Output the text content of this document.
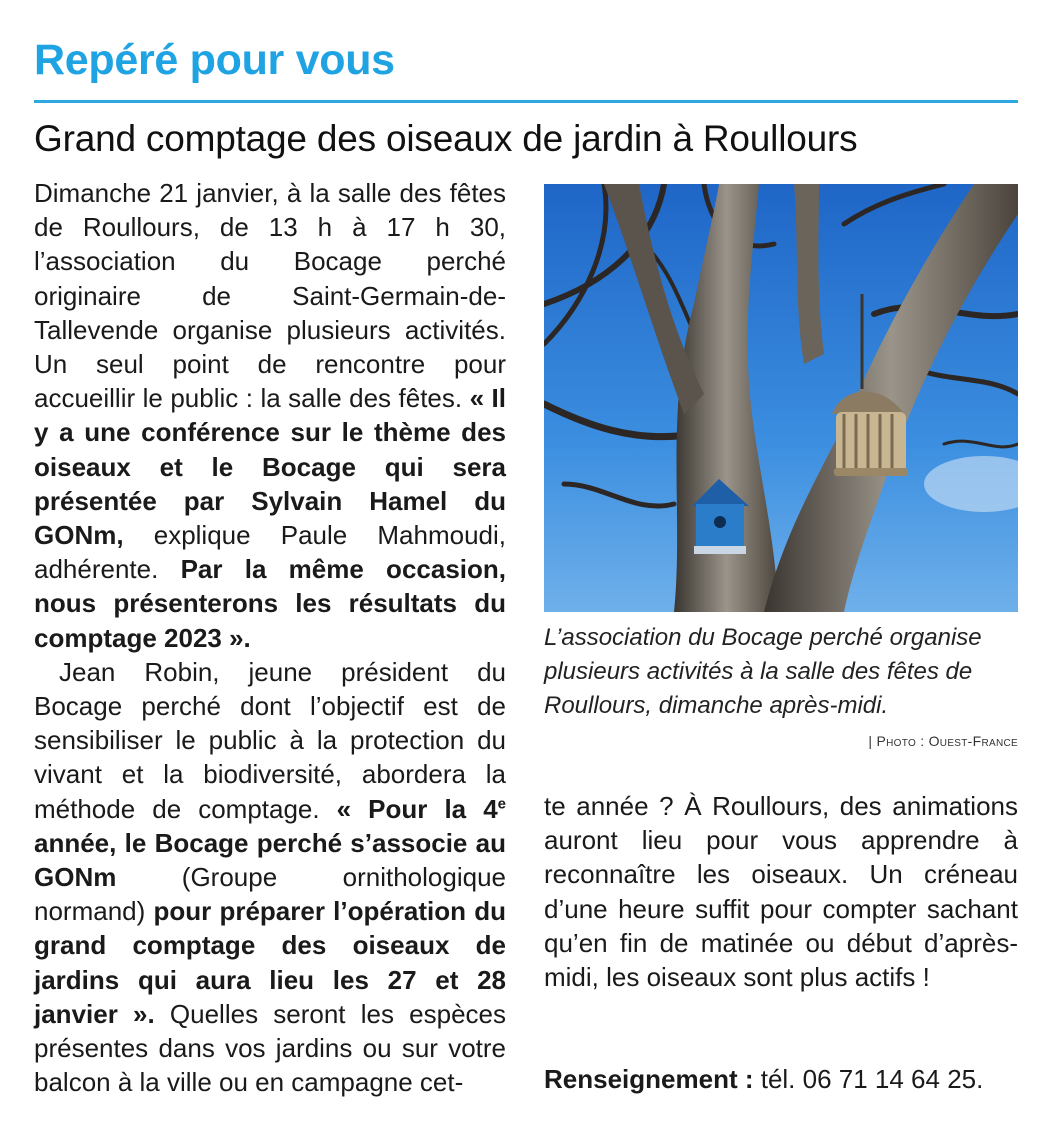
Repéré pour vous
Grand comptage des oiseaux de jardin à Roullours

Dimanche 21 janvier, à la salle des fêtes de Roullours, de 13 h à 17 h 30, l’association du Bocage perché originaire de Saint-Germain-de-Tallevende organise plusieurs activités. Un seul point de rencontre pour accueillir le public : la salle des fêtes. « Il y a une conférence sur le thème des oiseaux et le Bocage qui sera présentée par Sylvain Hamel du GONm, explique Paule Mahmoudi, adhérente. Par la même occasion, nous présenterons les résultats du comptage 2023 ».

Jean Robin, jeune président du Bocage perché dont l’objectif est de sensibiliser le public à la protection du vivant et la biodiversité, abordera la méthode de comptage. « Pour la 4e année, le Bocage perché s’associe au GONm (Groupe ornithologique normand) pour préparer l’opération du grand comptage des oiseaux de jardins qui aura lieu les 27 et 28 janvier ». Quelles seront les espèces présentes dans vos jardins ou sur votre balcon à la ville ou en campagne cet-

L’association du Bocage perché organise plusieurs activités à la salle des fêtes de Roullours, dimanche après-midi.
| Photo : Ouest-France

te année ? À Roullours, des animations auront lieu pour vous apprendre à reconnaître les oiseaux. Un créneau d’une heure suffit pour compter sachant qu’en fin de matinée ou début d’après-midi, les oiseaux sont plus actifs !

Renseignement : tél. 06 71 14 64 25.
